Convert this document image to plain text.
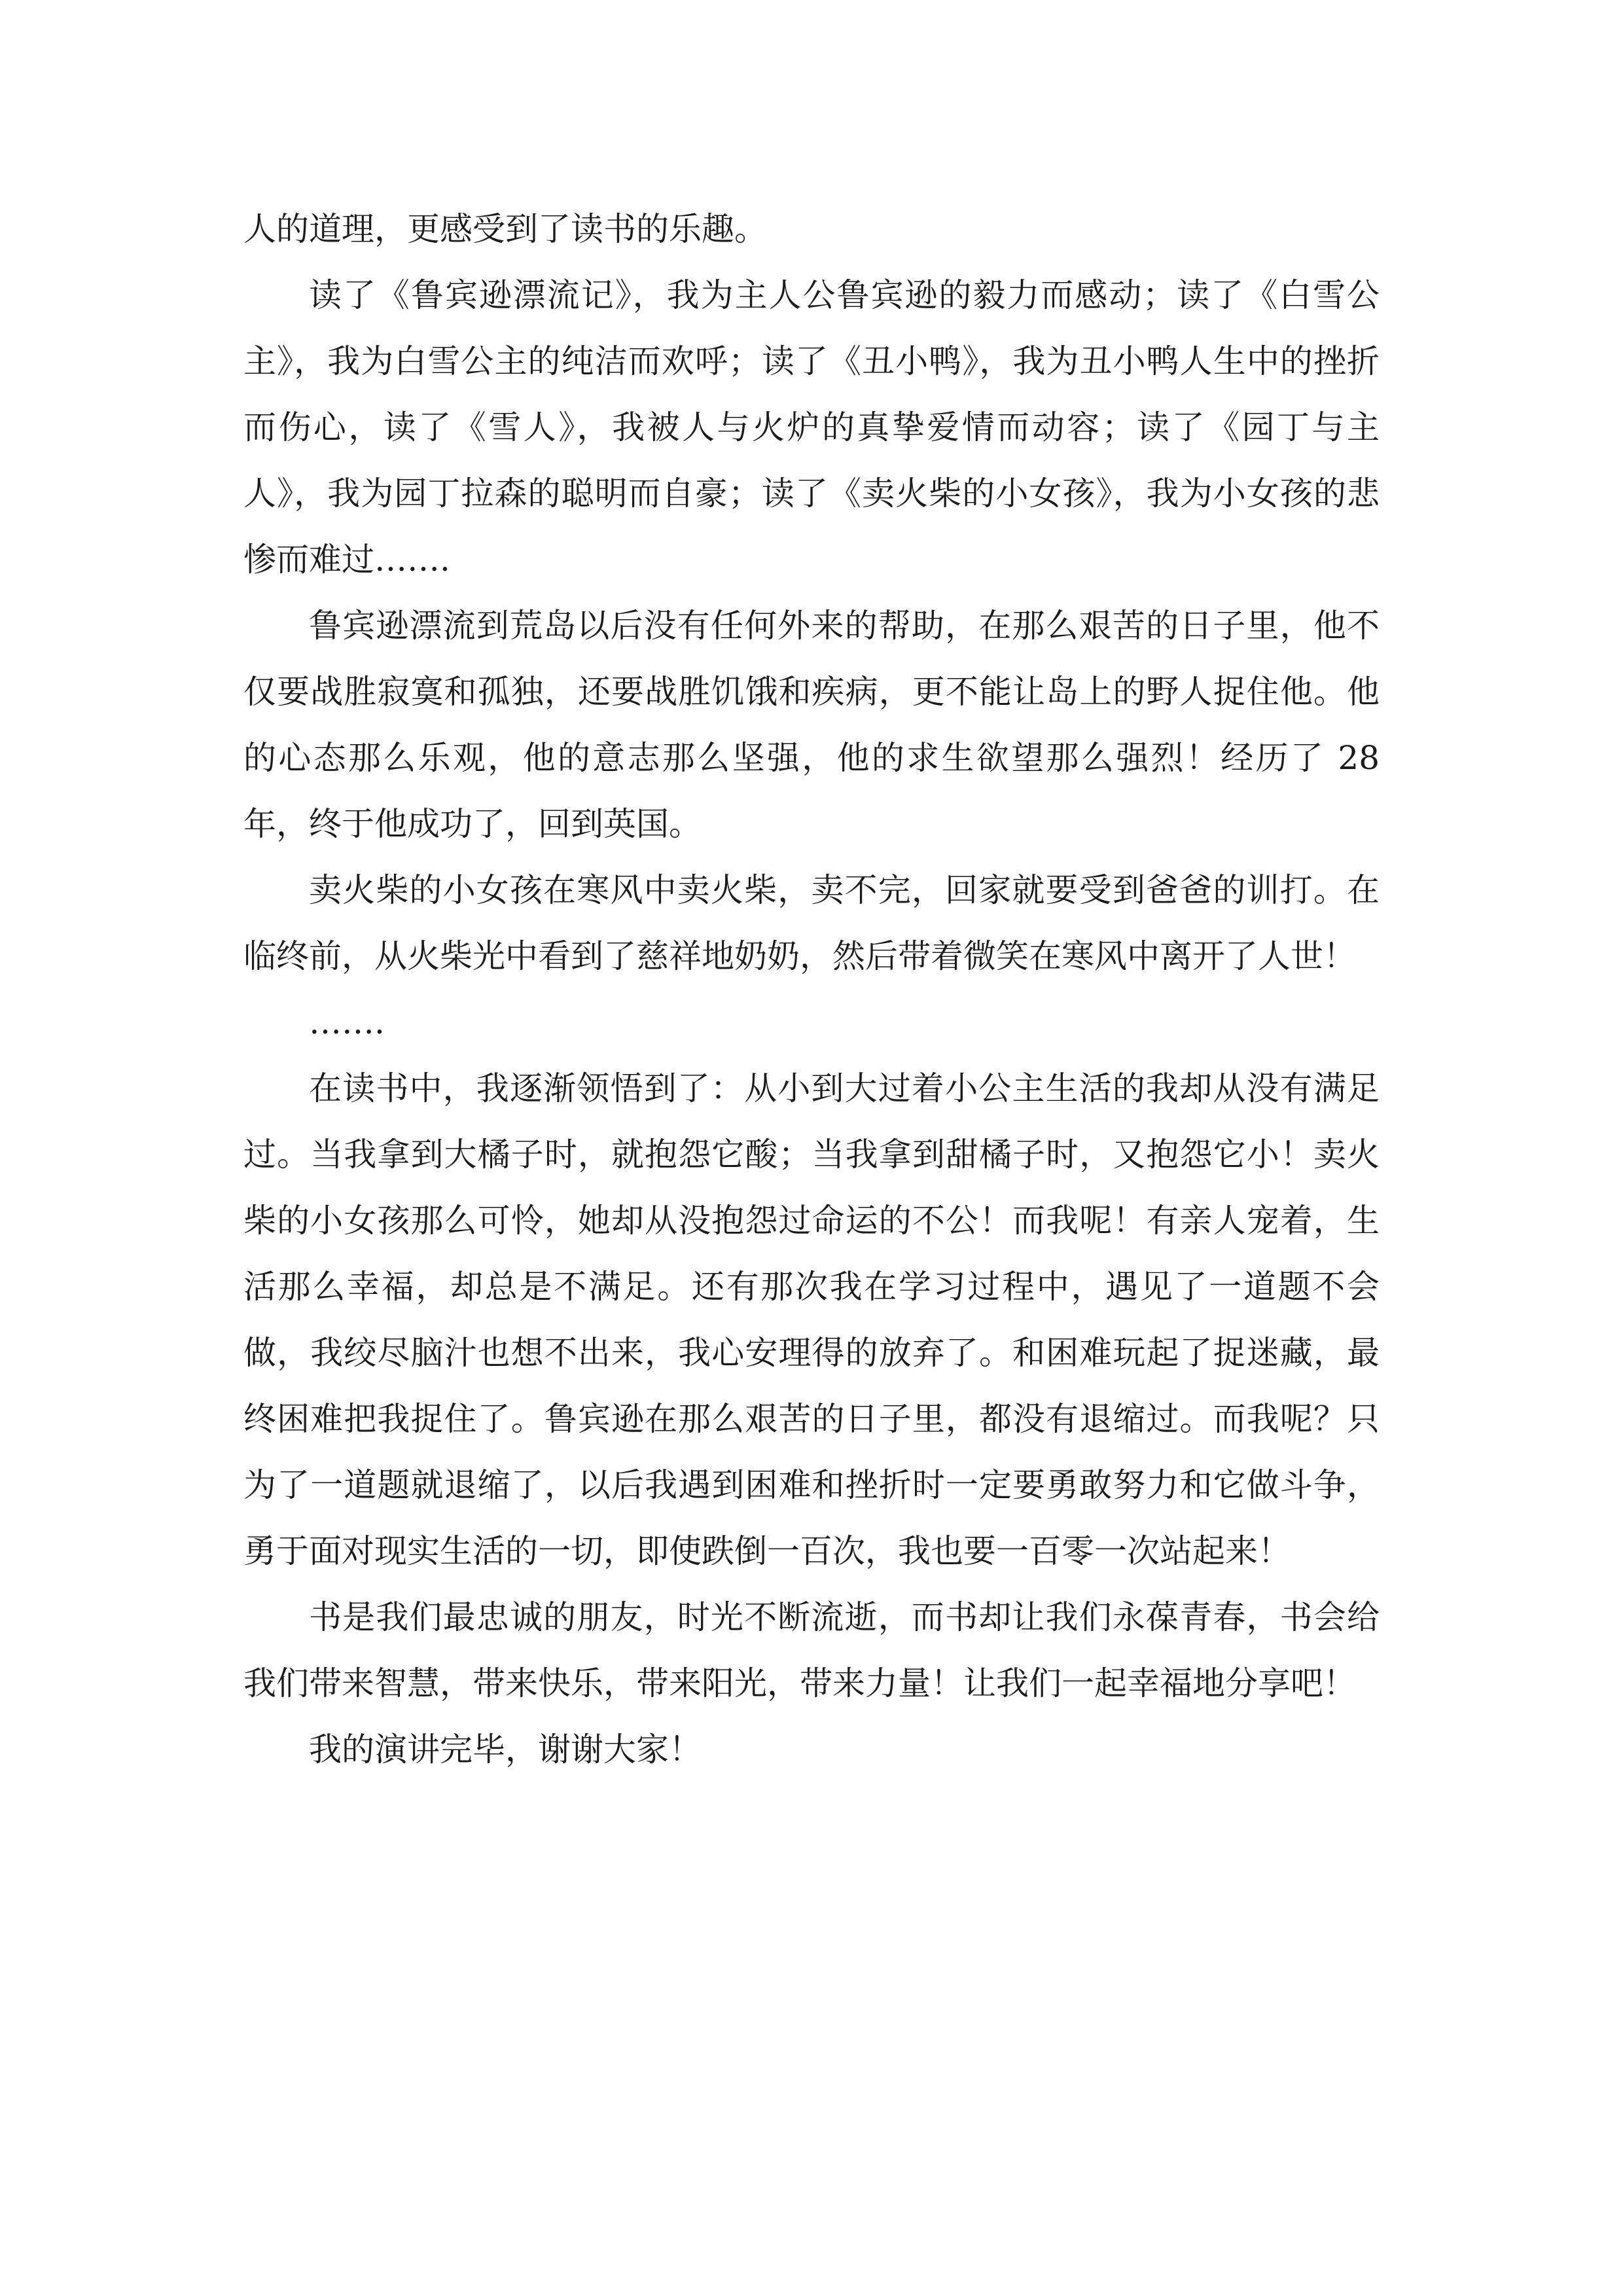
人的道理，更感受到了读书的乐趣。

读了《鲁宾逊漂流记》，我为主人公鲁宾逊的毅力而感动；读了《白雪公主》，我为白雪公主的纯洁而欢呼；读了《丑小鸭》，我为丑小鸭人生中的挫折而伤心，读了《雪人》，我被人与火炉的真挚爱情而动容；读了《园丁与主人》，我为园丁拉森的聪明而自豪；读了《卖火柴的小女孩》，我为小女孩的悲惨而难过…….

鲁宾逊漂流到荒岛以后没有任何外来的帮助，在那么艰苦的日子里，他不仅要战胜寂寞和孤独，还要战胜饥饿和疾病，更不能让岛上的野人捉住他。他的心态那么乐观，他的意志那么坚强，他的求生欲望那么强烈！经历了 28 年，终于他成功了，回到英国。

卖火柴的小女孩在寒风中卖火柴，卖不完，回家就要受到爸爸的训打。在临终前，从火柴光中看到了慈祥地奶奶，然后带着微笑在寒风中离开了人世！

…….

在读书中，我逐渐领悟到了：从小到大过着小公主生活的我却从没有满足过。当我拿到大橘子时，就抱怨它酸；当我拿到甜橘子时，又抱怨它小！卖火柴的小女孩那么可怜，她却从没抱怨过命运的不公！而我呢！有亲人宠着，生活那么幸福，却总是不满足。还有那次我在学习过程中，遇见了一道题不会做，我绞尽脑汁也想不出来，我心安理得的放弃了。和困难玩起了捉迷藏，最终困难把我捉住了。鲁宾逊在那么艰苦的日子里，都没有退缩过。而我呢？只为了一道题就退缩了，以后我遇到困难和挫折时一定要勇敢努力和它做斗争，勇于面对现实生活的一切，即使跌倒一百次，我也要一百零一次站起来！

书是我们最忠诚的朋友，时光不断流逝，而书却让我们永葆青春，书会给我们带来智慧，带来快乐，带来阳光，带来力量！让我们一起幸福地分享吧！

我的演讲完毕，谢谢大家！
